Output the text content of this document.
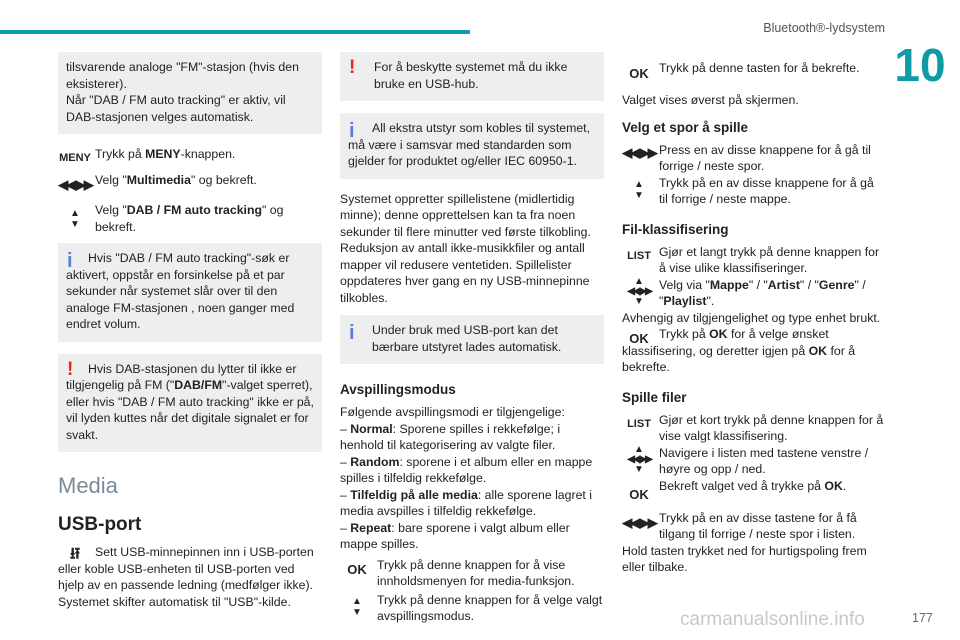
Bluetooth®-lydsystem
10

tilsvarende analoge "FM"-stasjon (hvis den

eksisterer).

Når "DAB / FM auto tracking" er aktiv, vil

DAB-stasjonen velges automatisk.

MENY Trykk på MENY-knappen.
◀◀ ▶▶ Velg "Multimedia" og bekreft.
▲
▼
Velg "DAB / FM auto tracking" og bekreft.
i	Hvis "DAB / FM auto tracking"-søk er aktivert, oppstår en forsinkelse på et par sekunder når systemet slår over til den analoge FM-stasjonen , noen ganger med endret volum.

!	Hvis DAB-stasjonen du lytter til ikke er tilgjengelig på FM ("DAB/FM"-valget sperret), eller hvis "DAB / FM auto tracking" ikke er på, vil lyden kuttes når det digitale signalet er for svakt.

Media
USB-port
⭿	Sett USB-minnepinnen inn i USB-porten eller koble USB-enheten til USB-porten ved hjelp av en passende ledning (medfølger ikke).

Systemet skifter automatisk til "USB"-kilde.

! For å beskytte systemet må du ikke bruke en USB-hub.

i	All ekstra utstyr som kobles til systemet, må være i samsvar med standarden som gjelder for produktet og/eller IEC 60950-1.

Systemet oppretter spillelistene (midlertidig minne); denne opprettelsen kan ta fra noen sekunder til flere minutter ved første tilkobling. Reduksjon av antall ikke-musikkfiler og antall mapper vil redusere ventetiden. Spillelister oppdateres hver gang en ny USB-minnepinne tilkobles.

i Under bruk med USB-port kan det bærbare utstyret lades automatisk.

Avspillingsmodus

Følgende avspillingsmodi er tilgjengelige:

– Normal: Sporene spilles i rekkefølge; i henhold til kategorisering av valgte filer.

– Random: sporene i et album eller en mappe spilles i tilfeldig rekkefølge.

– Tilfeldig på alle media: alle sporene lagret i media avspilles i tilfeldig rekkefølge.

– Repeat: bare sporene i valgt album eller mappe spilles.

OK Trykk på denne knappen for å vise innholdsmenyen for media-funksjon.
▲
▼
Trykk på denne knappen for å velge valgt avspillingsmodus.
OK Trykk på denne tasten for å bekrefte.

Valget vises øverst på skjermen.

Velg et spor å spille
◀◀ ▶▶ Press en av disse knappene for å gå til forrige / neste spor.
▲
▼
Trykk på en av disse knappene for å gå til forrige / neste mappe.
Fil-klassifisering
LIST Gjør et langt trykk på denne knappen for å vise ulike klassifiseringer.
▲
◀◀ ▶▶
▼
Velg via "Mappe" / "Artist" / "Genre" / "Playlist".

Avhengig av tilgjengelighet og type enhet brukt.

OK Trykk på OK for å velge ønsket klassifisering, og deretter igjen på OK for å bekrefte.

Spille filer
LIST Gjør et kort trykk på denne knappen for å vise valgt klassifisering.
▲
◀◀ ▶▶
▼
Navigere i listen med tastene venstre / høyre og opp / ned.
OK
Bekreft valget ved å trykke på OK.
◀◀ ▶▶ Trykk på en av disse tastene for å få tilgang til forrige / neste spor i listen.

Hold tasten trykket ned for hurtigspoling frem eller tilbake.

carmanualsonline.info	177
